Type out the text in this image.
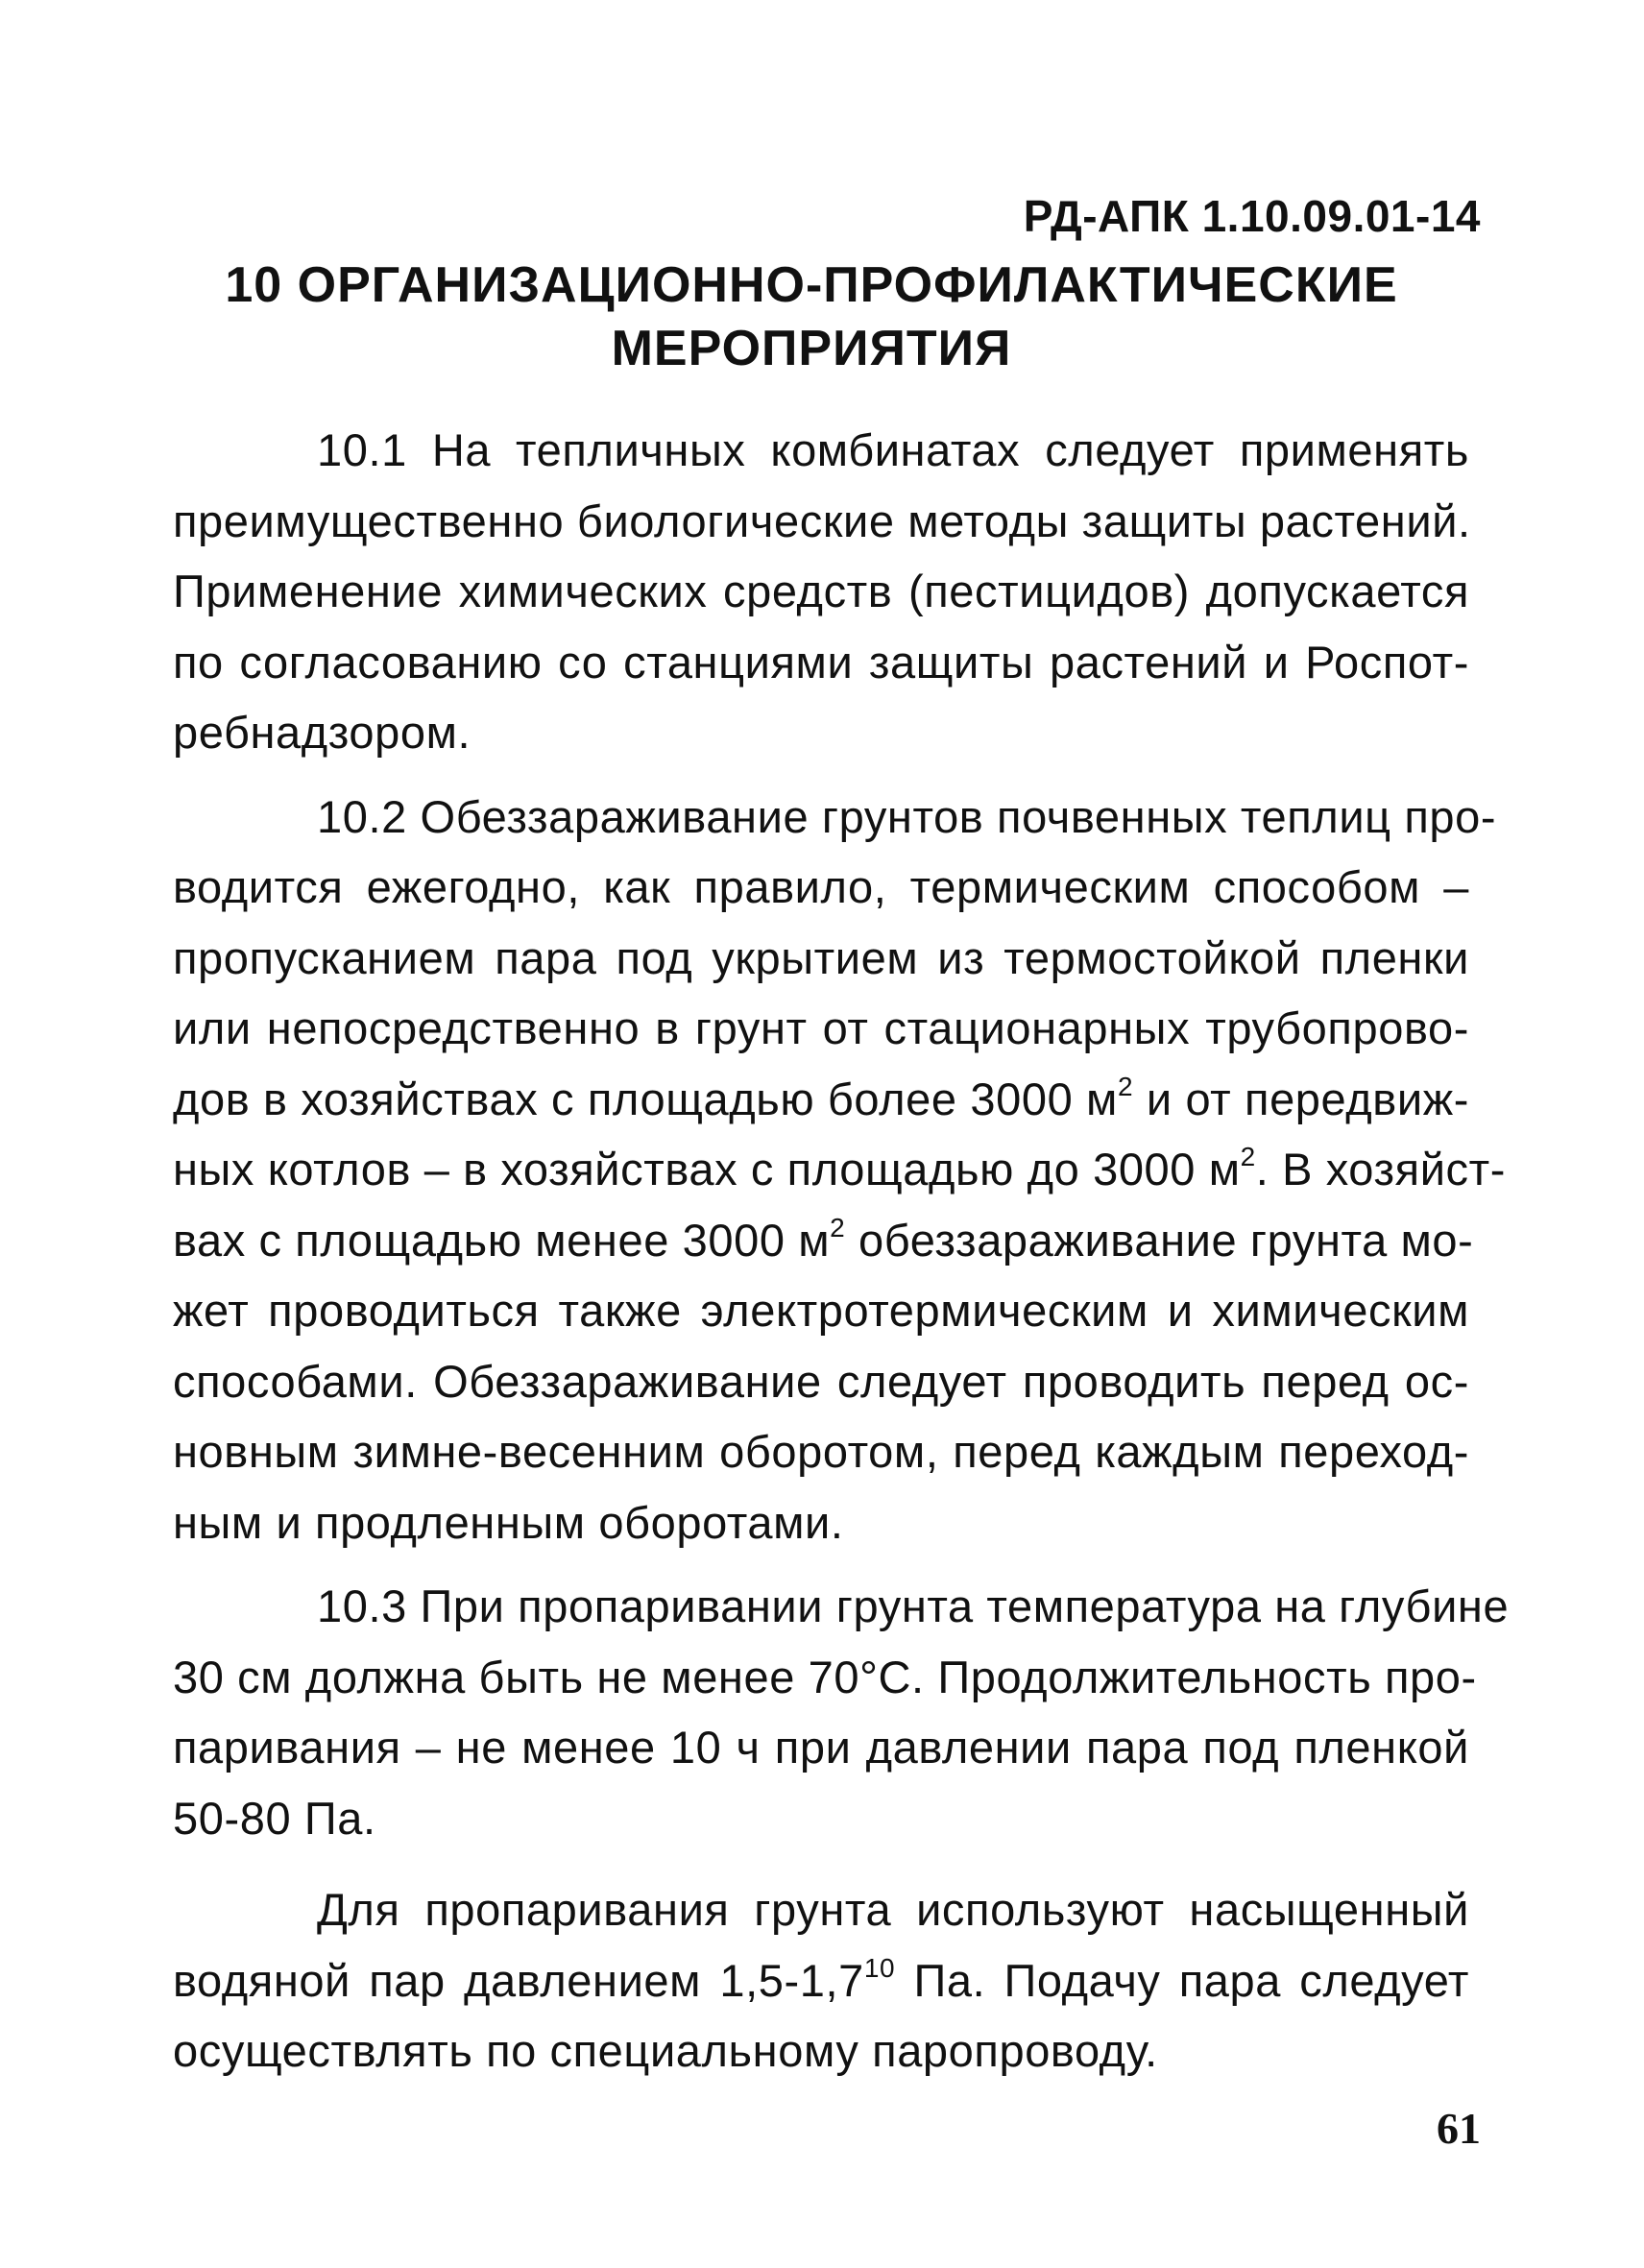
РД-АПК 1.10.09.01-14
10 ОРГАНИЗАЦИОННО-ПРОФИЛАКТИЧЕСКИЕ
МЕРОПРИЯТИЯ
10.1 На тепличных комбинатах следует применять
преимущественно биологические методы защиты растений.
Применение химических средств (пестицидов) допускается
по согласованию со станциями защиты растений и Роспот-
ребнадзором.
10.2 Обеззараживание грунтов почвенных теплиц про-
водится ежегодно, как правило, термическим способом –
пропусканием пара под укрытием из термостойкой пленки
или непосредственно в грунт от стационарных трубопрово-
дов в хозяйствах с площадью более 3000 $м^2$ и от передвиж-
ных котлов – в хозяйствах с площадью до 3000 $м^2$. В хозяйст-
вах с площадью менее 3000 $м^2$ обеззараживание грунта мо-
жет проводиться также электротермическим и химическим
способами. Обеззараживание следует проводить перед ос-
новным зимне-весенним оборотом, перед каждым переход-
ным и продленным оборотами.
10.3 При пропаривании грунта температура на глубине
30 см должна быть не менее 70°С. Продолжительность про-
паривания – не менее 10 ч при давлении пара под пленкой
50-80 Па.
Для пропаривания грунта используют насыщенный
водяной пар давлением $1,5-1,7^{10}$ Па. Подачу пара следует
осуществлять по специальному паропроводу.
61
